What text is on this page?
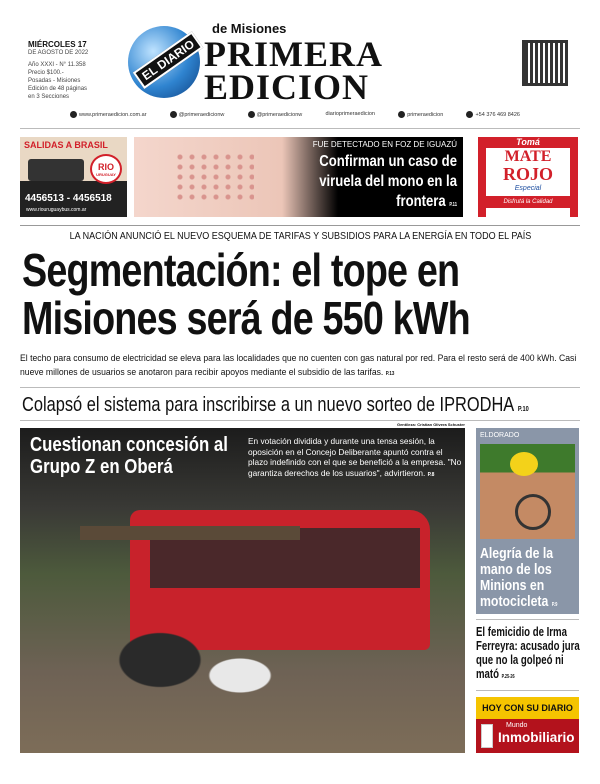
MIÉRCOLES 17
DE AGOSTO DE 2022
Año XXXI - N° 11.358
Precio $100.-
Posadas - Misiones
Edición de 48 páginas
en 3 Secciones
EL DIARIO
de Misiones
PRIMERA
EDICION
www.primeraedicion.com.ar	@primeraedicionw	@primeraedicionw	diarioprimeraedicion	primeraedicion	+54 376 469 8426
SALIDAS A BRASIL
RIO
URUGUAY
4456513 - 4456518
www.riouruguaybus.com.ar
FUE DETECTADO EN FOZ DE IGUAZÚ
Confirman un caso de viruela del mono en la frontera P.11
Tomá
MATE
ROJO
Especial
Disfrutá la Calidad
LA NACIÓN ANUNCIÓ EL NUEVO ESQUEMA DE TARIFAS Y SUBSIDIOS PARA LA ENERGÍA EN TODO EL PAÍS
Segmentación: el tope en Misiones será de 550 kWh
El techo para consumo de electricidad se eleva para las localidades que no cuenten con gas natural por red. Para el resto será de 400 kWh. Casi nueve millones de usuarios se anotaron para recibir apoyos mediante el subsidio de las tarifas. P.13
Colapsó el sistema para inscribirse a un nuevo sorteo de IPRODHA P.10
Gentileza: Cristian Olivera Schuster
Cuestionan concesión al Grupo Z en Oberá
En votación dividida y durante una tensa sesión, la oposición en el Concejo Deliberante apuntó contra el plazo indefinido con el que se benefició a la empresa. "No garantiza derechos de los usuarios", advirtieron. P.8
ELDORADO
Alegría de la mano de los Minions en motocicleta P.9
El femicidio de Irma Ferreyra: acusado jura que no la golpeó ni mató P.25-26
HOY CON SU DIARIO
Mundo
Inmobiliario
